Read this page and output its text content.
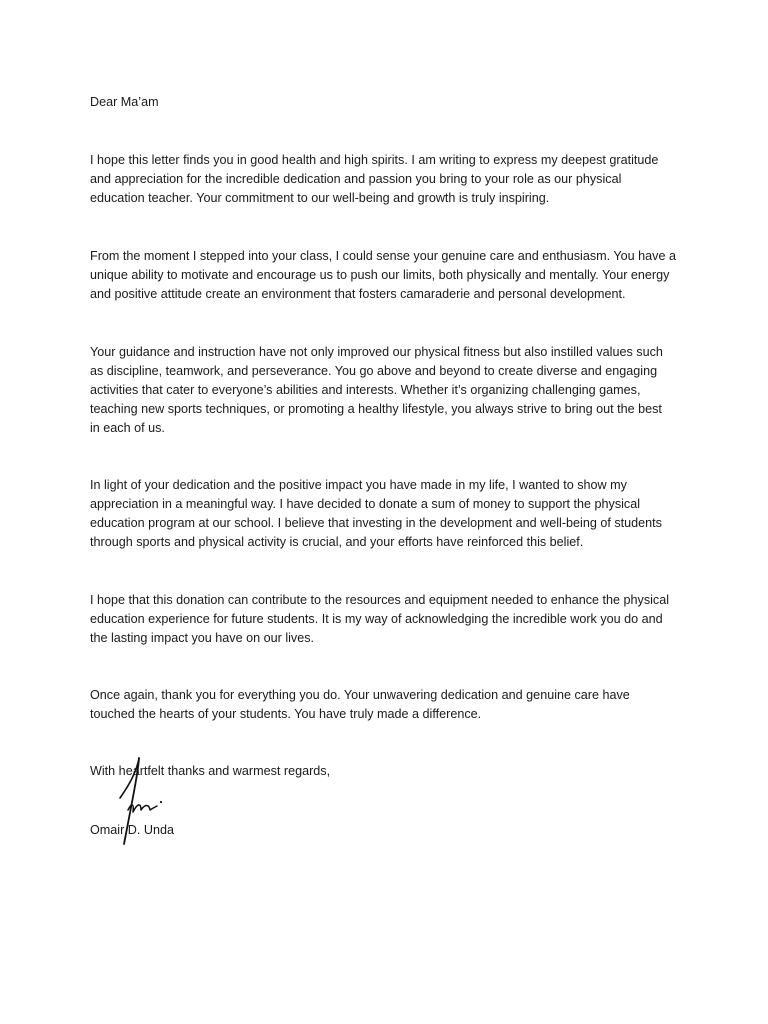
Dear Ma’am

I hope this letter finds you in good health and high spirits. I am writing to express my deepest gratitude
and appreciation for the incredible dedication and passion you bring to your role as our physical
education teacher. Your commitment to our well-being and growth is truly inspiring.

From the moment I stepped into your class, I could sense your genuine care and enthusiasm. You have a
unique ability to motivate and encourage us to push our limits, both physically and mentally. Your energy
and positive attitude create an environment that fosters camaraderie and personal development.

Your guidance and instruction have not only improved our physical fitness but also instilled values such
as discipline, teamwork, and perseverance. You go above and beyond to create diverse and engaging
activities that cater to everyone’s abilities and interests. Whether it’s organizing challenging games,
teaching new sports techniques, or promoting a healthy lifestyle, you always strive to bring out the best
in each of us.

In light of your dedication and the positive impact you have made in my life, I wanted to show my
appreciation in a meaningful way. I have decided to donate a sum of money to support the physical
education program at our school. I believe that investing in the development and well-being of students
through sports and physical activity is crucial, and your efforts have reinforced this belief.

I hope that this donation can contribute to the resources and equipment needed to enhance the physical
education experience for future students. It is my way of acknowledging the incredible work you do and
the lasting impact you have on our lives.

Once again, thank you for everything you do. Your unwavering dedication and genuine care have
touched the hearts of your students. You have truly made a difference.

With heartfelt thanks and warmest regards,

Omair D. Unda
